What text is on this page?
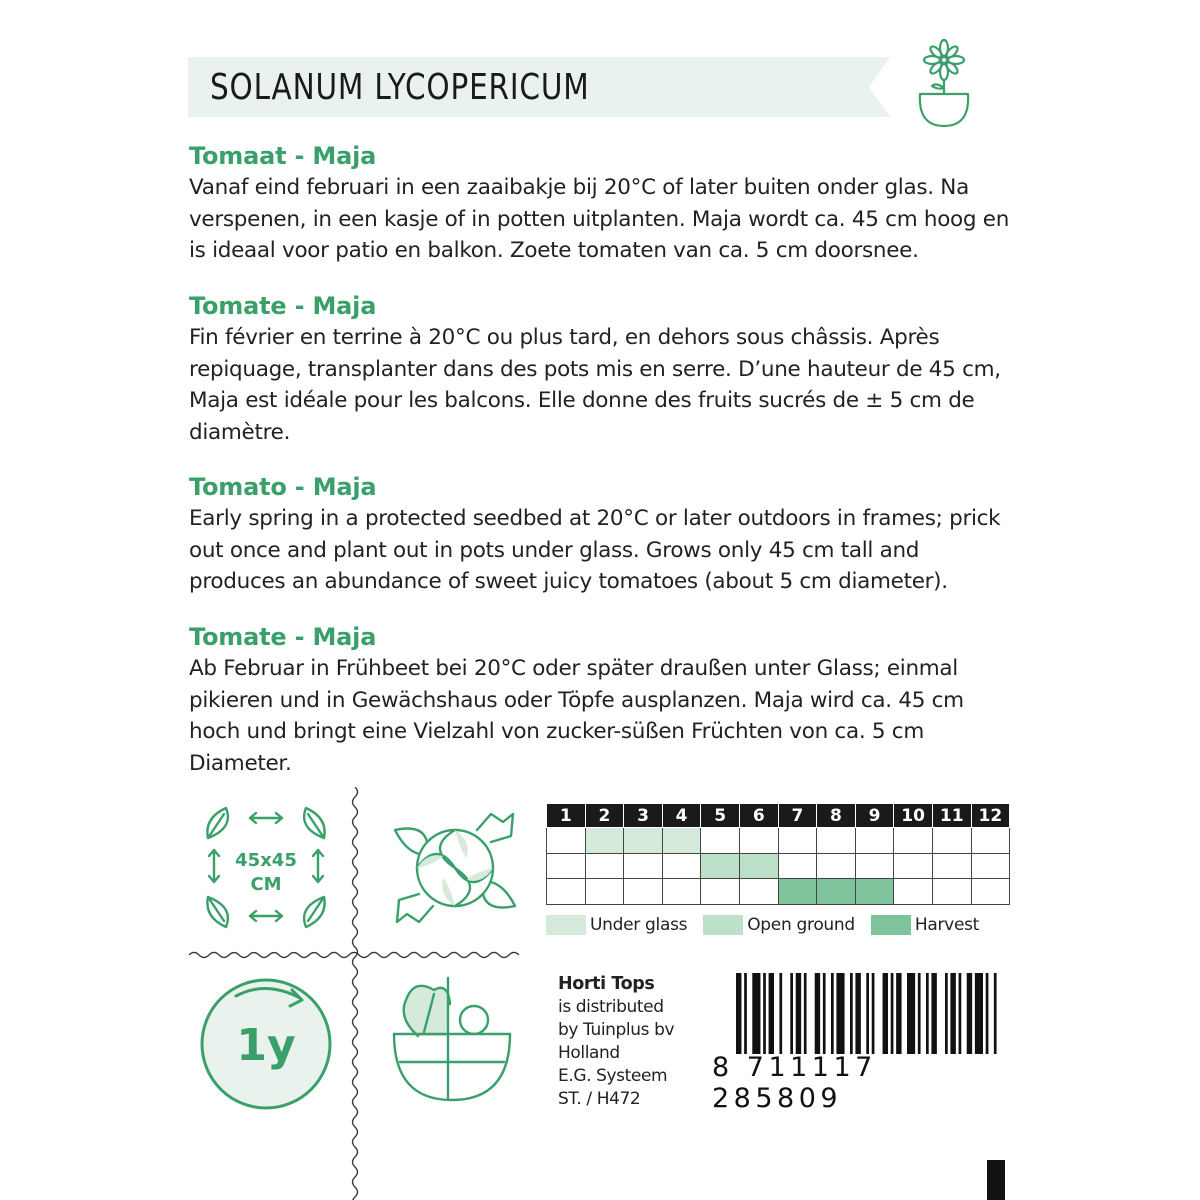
SOLANUM LYCOPERICUM
Tomaat - Maja

Vanaf eind februari in een zaaibakje bij 20°C of later buiten onder glas. Na verspenen, in een kasje of in potten uitplanten. Maja wordt ca. 45 cm hoog en is ideaal voor patio en balkon. Zoete tomaten van ca. 5 cm doorsnee.

Tomate - Maja

Fin février en terrine à 20°C ou plus tard, en dehors sous châssis. Après repiquage, transplanter dans des pots mis en serre. D’une hauteur de 45 cm, Maja est idéale pour les balcons. Elle donne des fruits sucrés de ± 5 cm de diamètre.

Tomato - Maja

Early spring in a protected seedbed at 20°C or later outdoors in frames; prick out once and plant out in pots under glass. Grows only 45 cm tall and produces an abundance of sweet juicy tomatoes (about 5 cm diameter).

Tomate - Maja

Ab Februar in Frühbeet bei 20°C oder später draußen unter Glass; einmal pikieren und in Gewächshaus oder Töpfe ausplanzen. Maja wird ca. 45 cm hoch und bringt eine Vielzahl von zucker-süßen Früchten von ca. 5 cm Diameter.

45x45
CM
1y
1	2	3	4	5	6	7	8	9	10	11	12

Under glass	Open ground	Harvest
Horti Tops
is distributed
by Tuinplus bv
Holland
E.G. Systeem
ST. / H472
8 711117 285809
